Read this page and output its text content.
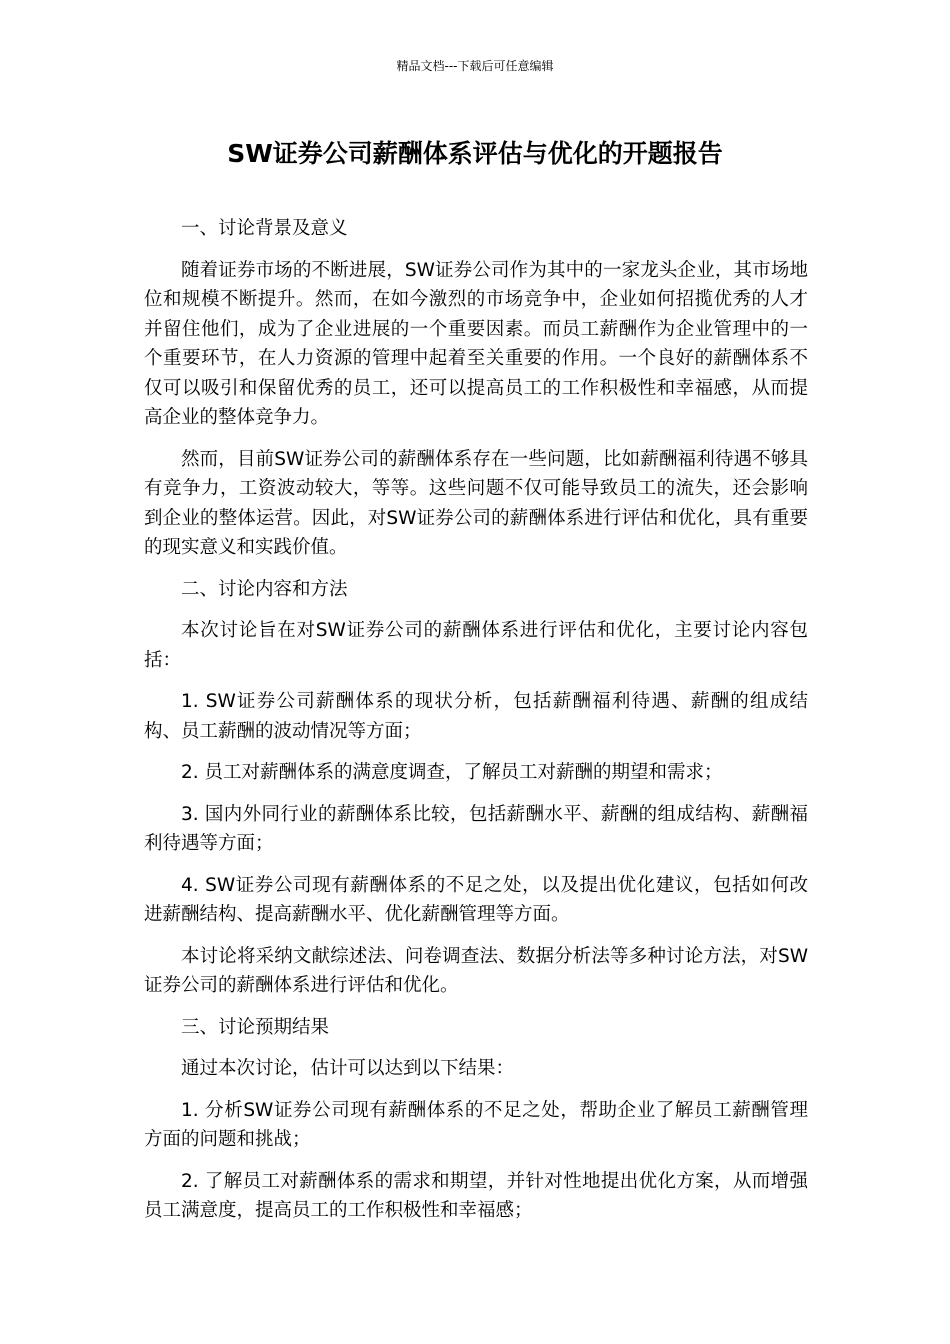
精品文档---下载后可任意编辑
SW证券公司薪酬体系评估与优化的开题报告

一、讨论背景及意义

随着证券市场的不断进展，SW证券公司作为其中的一家龙头企业，其市场地位和规模不断提升。然而，在如今激烈的市场竞争中，企业如何招揽优秀的人才并留住他们，成为了企业进展的一个重要因素。而员工薪酬作为企业管理中的一个重要环节，在人力资源的管理中起着至关重要的作用。一个良好的薪酬体系不仅可以吸引和保留优秀的员工，还可以提高员工的工作积极性和幸福感，从而提高企业的整体竞争力。

然而，目前SW证券公司的薪酬体系存在一些问题，比如薪酬福利待遇不够具有竞争力，工资波动较大，等等。这些问题不仅可能导致员工的流失，还会影响到企业的整体运营。因此，对SW证券公司的薪酬体系进行评估和优化，具有重要的现实意义和实践价值。

二、讨论内容和方法

本次讨论旨在对SW证券公司的薪酬体系进行评估和优化，主要讨论内容包括：

1. SW证券公司薪酬体系的现状分析，包括薪酬福利待遇、薪酬的组成结构、员工薪酬的波动情况等方面；

2. 员工对薪酬体系的满意度调查，了解员工对薪酬的期望和需求；

3. 国内外同行业的薪酬体系比较，包括薪酬水平、薪酬的组成结构、薪酬福利待遇等方面；

4. SW证券公司现有薪酬体系的不足之处，以及提出优化建议，包括如何改进薪酬结构、提高薪酬水平、优化薪酬管理等方面。

本讨论将采纳文献综述法、问卷调查法、数据分析法等多种讨论方法，对SW证券公司的薪酬体系进行评估和优化。

三、讨论预期结果

通过本次讨论，估计可以达到以下结果：

1. 分析SW证券公司现有薪酬体系的不足之处，帮助企业了解员工薪酬管理方面的问题和挑战；

2. 了解员工对薪酬体系的需求和期望，并针对性地提出优化方案，从而增强员工满意度，提高员工的工作积极性和幸福感；
